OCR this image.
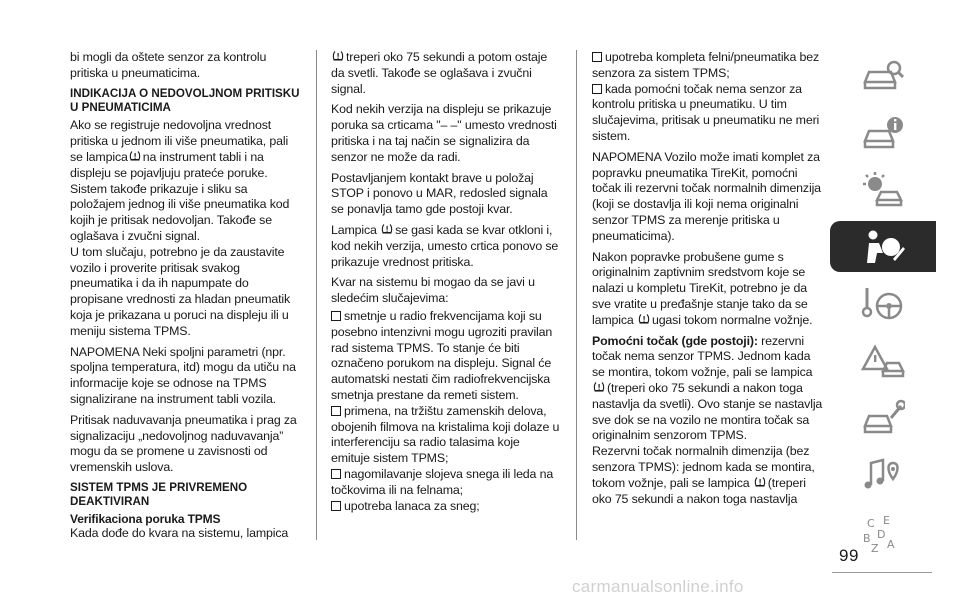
bi mogli da oštete senzor za kontrolu pritiska u pneumaticima.

INDIKACIJA O NEDOVOLJNOM PRITISKU U PNEUMATICIMA

Ako se registruje nedovoljna vrednost pritiska u jednom ili više pneumatika, pali se lampica na instrument tabli i na displeju se pojavljuju prateće poruke. Sistem takođe prikazuje i sliku sa položajem jednog ili više pneumatika kod kojih je pritisak nedovoljan. Takođe se oglašava i zvučni signal.

U tom slučaju, potrebno je da zaustavite vozilo i proverite pritisak svakog pneumatika i da ih napumpate do propisane vrednosti za hladan pneumatik koja je prikazana u poruci na displeju ili u meniju sistema TPMS.

NAPOMENA Neki spoljni parametri (npr. spoljna temperatura, itd) mogu da utiču na informacije koje se odnose na TPMS signalizirane na instrument tabli vozila.

Pritisak naduvavanja pneumatika i prag za signalizaciju „nedovoljnog naduvavanja” mogu da se promene u zavisnosti od vremenskih uslova.

SISTEM TPMS JE PRIVREMENO DEAKTIVIRAN
Verifikaciona poruka TPMS

Kada dođe do kvara na sistemu, lampica

treperi oko 75 sekundi a potom ostaje da svetli. Takođe se oglašava i zvučni signal.

Kod nekih verzija na displeju se prikazuje poruka sa crticama "– –" umesto vrednosti pritiska i na taj način se signalizira da senzor ne može da radi.

Postavljanjem kontakt brave u položaj STOP i ponovo u MAR, redosled signala se ponavlja tamo gde postoji kvar.

Lampica se gasi kada se kvar otkloni i, kod nekih verzija, umesto crtica ponovo se prikazuje vrednost pritiska.

Kvar na sistemu bi mogao da se javi u sledećim slučajevima:

smetnje u radio frekvencijama koji su posebno intenzivni mogu ugroziti pravilan rad sistema TPMS. To stanje će biti označeno porukom na displeju. Signal će automatski nestati čim radiofrekvencijska smetnja prestane da remeti sistem.

primena, na tržištu zamenskih delova, obojenih filmova na kristalima koji dolaze u interferenciju sa radio talasima koje emituje sistem TPMS;

nagomilavanje slojeva snega ili leda na točkovima ili na felnama;

upotreba lanaca za sneg;

upotreba kompleta felni/pneumatika bez senzora za sistem TPMS;

kada pomoćni točak nema senzor za kontrolu pritiska u pneumatiku. U tim slučajevima, pritisak u pneumatiku ne meri sistem.

NAPOMENA Vozilo može imati komplet za popravku pneumatika TireKit, pomoćni točak ili rezervni točak normalnih dimenzija (koji se dostavlja ili koji nema originalni senzor TPMS za merenje pritiska u pneumaticima).

Nakon popravke probušene gume s originalnim zaptivnim sredstvom koje se nalazi u kompletu TireKit, potrebno je da sve vratite u pređašnje stanje tako da se lampica ugasi tokom normalne vožnje.

Pomoćni točak (gde postoji): rezervni točak nema senzor TPMS. Jednom kada se montira, tokom vožnje, pali se lampica (treperi oko 75 sekundi a nakon toga nastavlja da svetli). Ovo stanje se nastavlja sve dok se na vozilo ne montira točak sa originalnim senzorom TPMS.

Rezervni točak normalnih dimenzija (bez senzora TPMS): jednom kada se montira, tokom vožnje, pali se lampica (treperi oko 75 sekundi a nakon toga nastavlja

C E
B D
Z A
99
carmanualsonline.info
